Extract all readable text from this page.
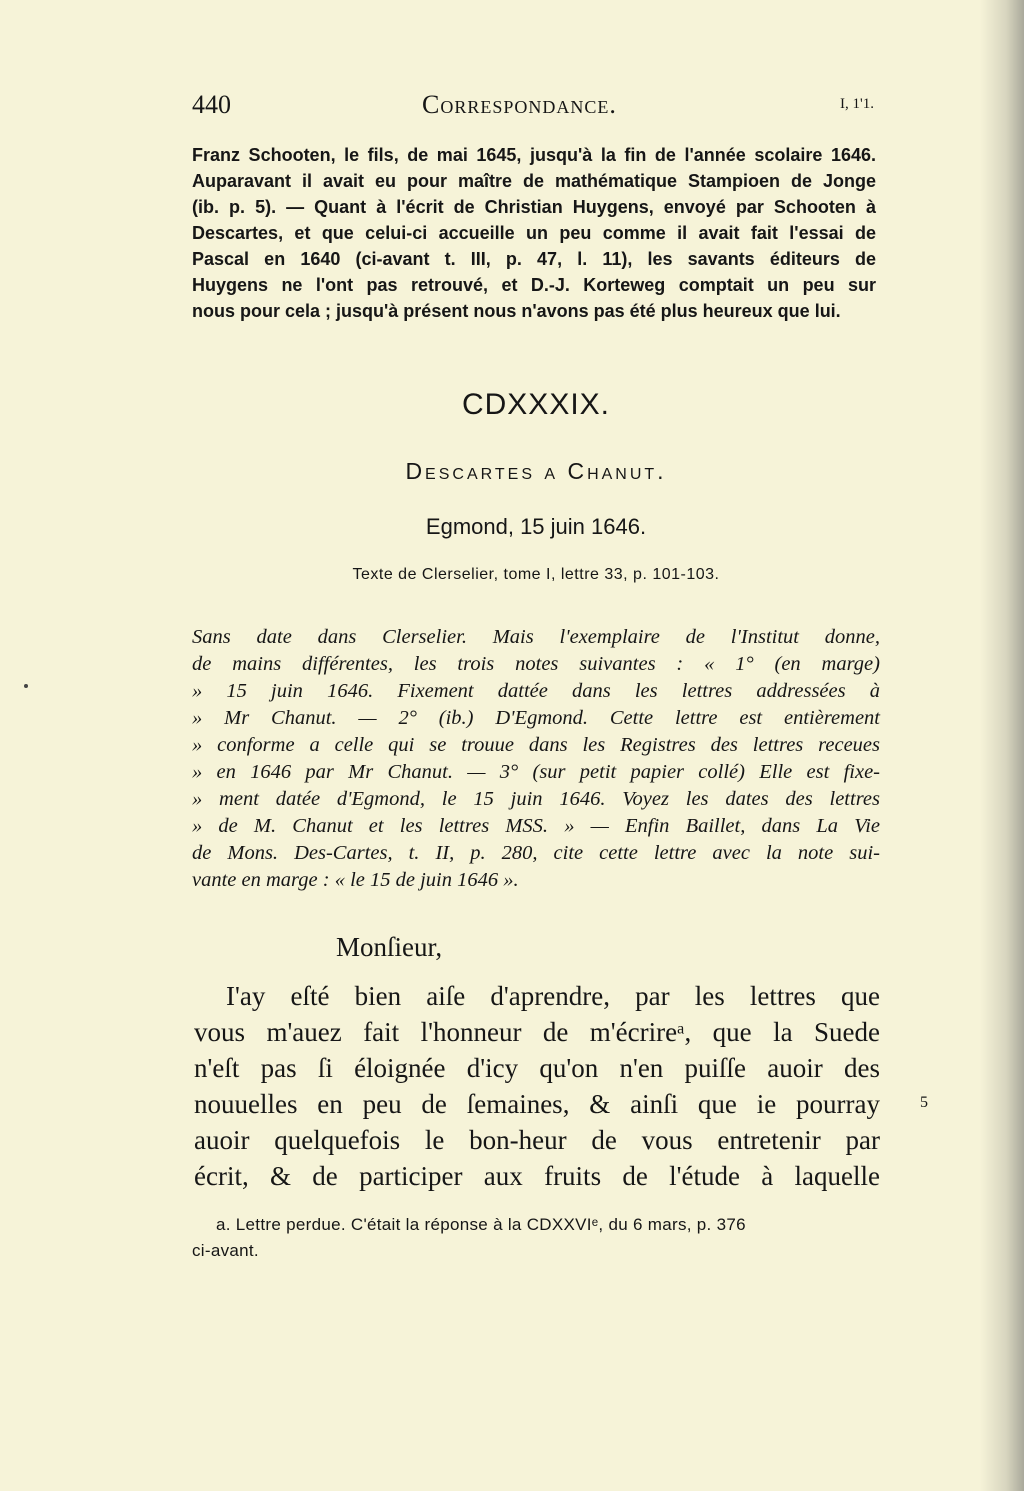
440	Correspondance.	I, 1'1.
Franz Schooten, le fils, de mai 1645, jusqu'à la fin de l'année scolaire 1646.
Auparavant il avait eu pour maître de mathématique Stampioen de Jonge
(ib. p. 5). — Quant à l'écrit de Christian Huygens, envoyé par Schooten à
Descartes, et que celui-ci accueille un peu comme il avait fait l'essai de
Pascal en 1640 (ci-avant t. III, p. 47, l. 11), les savants éditeurs de
Huygens ne l'ont pas retrouvé, et D.-J. Korteweg comptait un peu sur
nous pour cela ; jusqu'à présent nous n'avons pas été plus heureux que lui.
CDXXXIX.
Descartes a Chanut.
Egmond, 15 juin 1646.
Texte de Clerselier, tome I, lettre 33, p. 101-103.
Sans date dans Clerselier. Mais l'exemplaire de l'Institut donne,
de mains différentes, les trois notes suivantes : « 1° (en marge)
» 15 juin 1646. Fixement dattée dans les lettres addressées à
» Mr Chanut. — 2° (ib.) D'Egmond. Cette lettre est entièrement
» conforme a celle qui se trouue dans les Registres des lettres receues
» en 1646 par Mr Chanut. — 3° (sur petit papier collé) Elle est fixe-
» ment datée d'Egmond, le 15 juin 1646. Voyez les dates des lettres
» de M. Chanut et les lettres MSS. » — Enfin Baillet, dans La Vie
de Mons. Des-Cartes, t. II, p. 280, cite cette lettre avec la note sui-
vante en marge : « le 15 de juin 1646 ».
Monſieur,
I'ay eſté bien aiſe d'aprendre, par les lettres que
vous m'auez fait l'honneur de m'écrireᵃ, que la Suede
n'eſt pas ſi éloignée d'icy qu'on n'en puiſſe auoir des
nouuelles en peu de ſemaines, & ainſi que ie pourray
auoir quelquefois le bon-heur de vous entretenir par
écrit, & de participer aux fruits de l'étude à laquelle
5
a. Lettre perdue. C'était la réponse à la CDXXVIᵉ, du 6 mars, p. 376
ci-avant.
